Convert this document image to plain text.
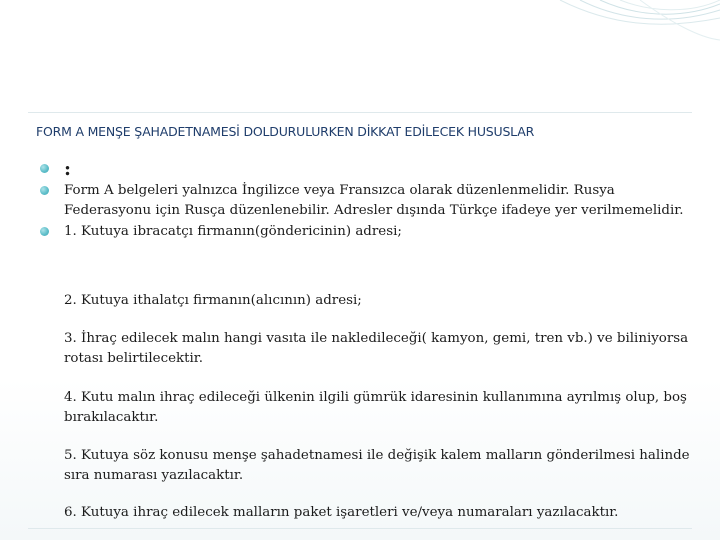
FORM A MENŞE ŞAHADETNAMESİ DOLDURULURKEN DİKKAT EDİLECEK HUSUSLAR
:
Form A belgeleri yalnızca İngilizce veya Fransızca olarak düzenlenmelidir. Rusya Federasyonu için Rusça düzenlenebilir. Adresler dışında Türkçe ifadeye yer verilmemelidir.
1. Kutuya ibracatçı firmanın(göndericinin) adresi;
2. Kutuya ithalatçı firmanın(alıcının) adresi;
3. İhraç edilecek malın hangi vasıta ile nakledileceği( kamyon, gemi, tren vb.) ve biliniyorsa rotası belirtilecektir.
4. Kutu malın ihraç edileceği ülkenin ilgili gümrük idaresinin kullanımına ayrılmış olup, boş bırakılacaktır.
5. Kutuya söz konusu menşe şahadetnamesi ile değişik kalem malların gönderilmesi halinde sıra numarası yazılacaktır.
6. Kutuya ihraç edilecek malların paket işaretleri ve/veya numaraları yazılacaktır.
